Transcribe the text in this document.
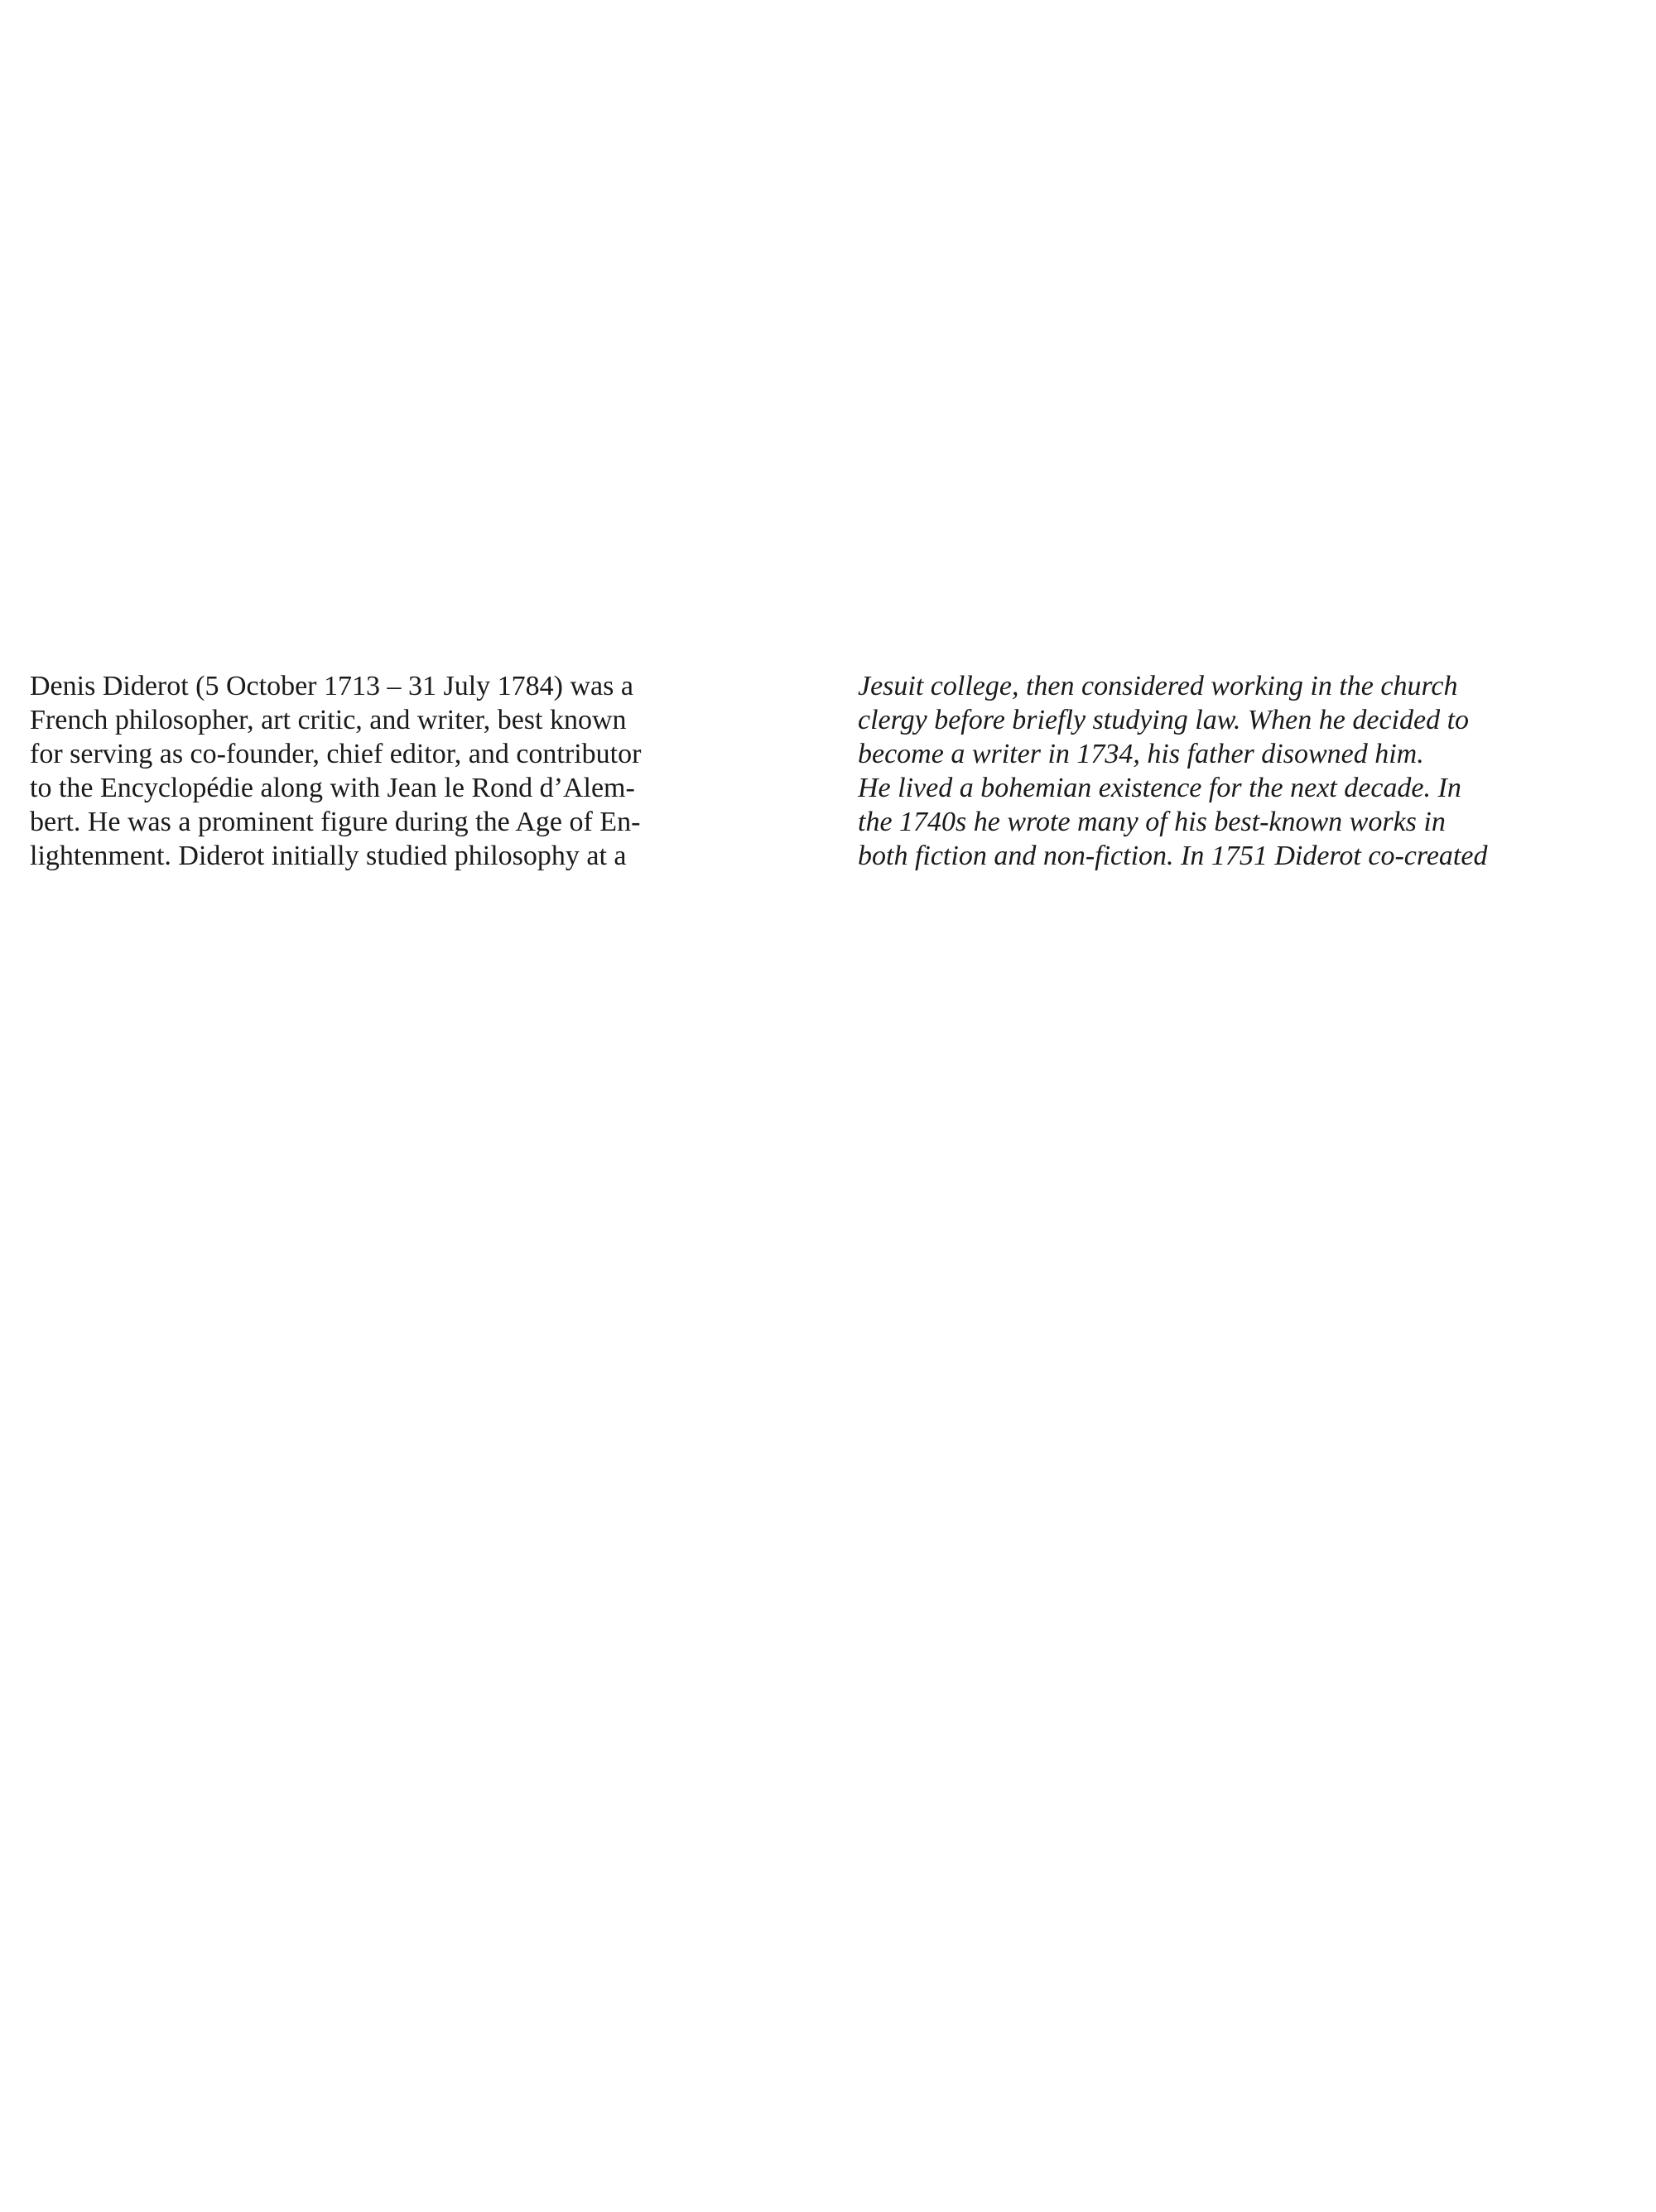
Denis Diderot (5 October 1713 – 31 July 1784) was a
French philosopher, art critic, and writer, best known
for serving as co-founder, chief editor, and contributor
to the Encyclopédie along with Jean le Rond d’Alem-
bert. He was a prominent figure during the Age of En-
lightenment. Diderot initially studied philosophy at a
Jesuit college, then considered working in the church
clergy before briefly studying law. When he decided to
become a writer in 1734, his father disowned him.
He lived a bohemian existence for the next decade. In
the 1740s he wrote many of his best-known works in
both fiction and non-fiction. In 1751 Diderot co-created
